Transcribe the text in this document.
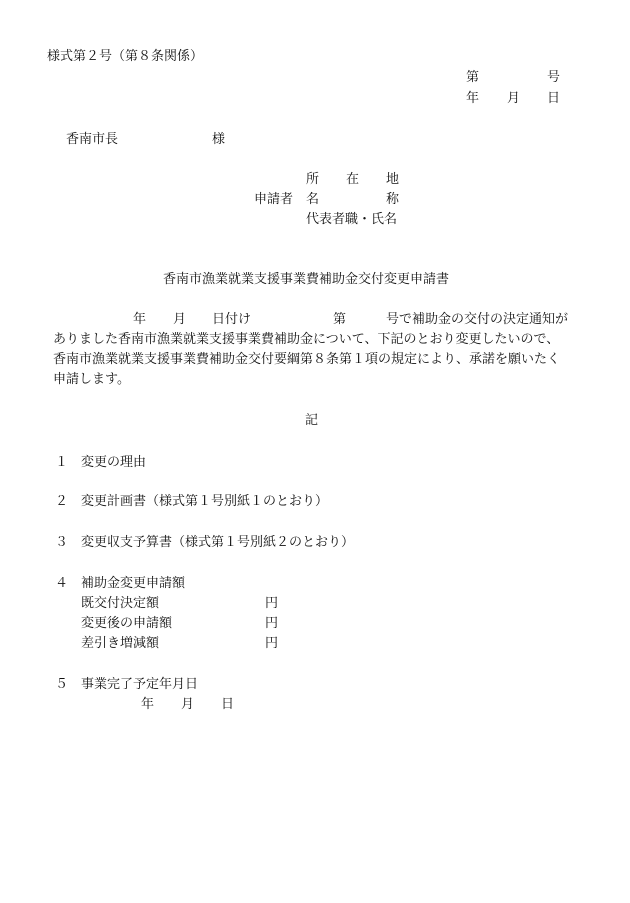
様式第２号（第８条関係）
第	号
年 月 日
香南市長	様
所 在 地
申請者 名	称
代表者職・氏名
香南市漁業就業支援事業費補助金交付変更申請書
年 月 日付け	第	号で補助金の交付の決定通知が
ありました香南市漁業就業支援事業費補助金について、下記のとおり変更したいので、
香南市漁業就業支援事業費補助金交付要綱第８条第１項の規定により、承諾を願いたく
申請します。
記
１ 変更の理由
２ 変更計画書（様式第１号別紙１のとおり）
３ 変更収支予算書（様式第１号別紙２のとおり）
４ 補助金変更申請額
既交付決定額	円
変更後の申請額	円
差引き増減額	円
５ 事業完了予定年月日
年 月 日
